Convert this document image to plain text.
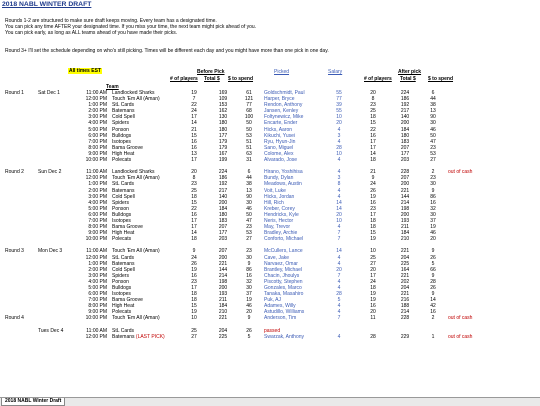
2018 NABL WINTER DRAFT
Rounds 1-2 are structured to make sure draft keeps moving. Every team has a designated time.
You can pick any time AFTER your designated time. If you miss your time, the next team might pick ahead of you.
You can pick early, as long as ALL teams ahead of you have made their picks.
Round 3+ I'll set the schedule depending on who's still picking. Times will be different each day and you might have more than one pick in one day.
All times EST	Before Pick	Picked	Salary	After pick
Team
# of players Total $ $ to spend	# of players Total $ $ to spend
Round 1	Sat Dec 1	11:00 AM	Landlocked Sharks	19	169	61	Goldschmidt, Paul	55	20	224	6	
		12:00 PM	Touch 'Em All (Aman)	7	109	121	Harper, Bryce	77	8	186	44	
		1:00 PM	StL Cards	22	153	77	Rendon, Anthony	39	23	192	38	
		2:00 PM	Batemans	24	162	68	Jansen, Kenley	55	25	217	13	
		3:00 PM	Cold Spell	17	130	100	Foltynewicz, Mike	10	18	140	90	
		4:00 PM	Spiders	14	180	50	Encarte, Ender	20	15	200	30	
		5:00 PM	Ponson	21	180	50	Hicks, Aaron	4	22	184	46	
		6:00 PM	Bulldogs	15	177	53	Kikuchi, Yusei	3	16	180	50	
		7:00 PM	Isotopes	16	179	51	Ryu, Hyun-Jin	4	17	183	47	
		8:00 PM	Bama Groove	16	179	51	Sano, Miguel	28	17	207	23	
		9:00 PM	High Heat	13	167	63	Colome, Alex	10	14	177	53	
		10:00 PM	Polecats	17	199	31	Alvarado, Jose	4	18	203	27	

Round 2	Sun Dec 2	11:00 AM	Landlocked Sharks	20	224	6	Hirano, Yoshihisa	4	21	228	2	out of cash
		12:00 PM	Touch 'Em All (Aman)	8	186	44	Bundy, Dylan	3	9	207	23	
		1:00 PM	StL Cards	23	192	38	Meadows, Austin	8	24	200	30	
		2:00 PM	Batemans	25	217	13	Voit, Luke	4	26	221	9	
		3:00 PM	Cold Spell	18	140	90	Hicks, Jordan	4	19	144	86	
		4:00 PM	Spiders	15	200	30	Hill, Rich	14	16	214	16	
		5:00 PM	Ponson	22	184	46	Kreber, Corey	14	23	198	32	
		6:00 PM	Bulldogs	16	180	50	Hendricks, Kyle	20	17	200	30	
		7:00 PM	Isotopes	17	183	47	Neris, Hector	10	18	193	37	
		8:00 PM	Bama Groove	17	207	23	May, Trevor	4	18	211	19	
		9:00 PM	High Heat	14	177	53	Bradley, Archie	7	15	184	46	
		10:00 PM	Polecats	18	203	27	Conforto, Michael	7	19	210	20	

Round 3	Mon Dec 3	11:00 AM	Touch 'Em All (Aman)	9	207	23	McCullers, Lance	14	10	221	9	
		12:00 PM	StL Cards	24	200	30	Cave, Jake	4	25	204	26	
		1:00 PM	Batemans	26	221	9	Narvaez, Omar	4	27	225	5	
		2:00 PM	Cold Spell	19	144	86	Brantley, Michael	20	20	164	66	
		3:00 PM	Spiders	16	214	16	Chacin, Jhoulys	7	17	221	9	
		4:00 PM	Ponson	23	198	32	Piscotty, Stephen	4	24	202	28	
		5:00 PM	Bulldogs	17	200	30	Gonzales, Marco	4	18	204	26	
		6:00 PM	Isotopes	18	193	37	Tanaka, Masahiro	28	19	221	9	
		7:00 PM	Bama Groove	18	211	19	Puk, AJ	5	19	216	14	
		8:00 PM	High Heat	15	184	46	Adames, Willy	4	16	188	42	
		9:00 PM	Polecats	19	210	20	Astudillo, Williams	4	20	214	16	
Round 4		10:00 PM	Touch 'Em All (Aman)	10	221	9	Anderson, Tim	7	11	228	2	out of cash

	Tues Dec 4	11:00 AM	StL Cards	25	204	26	passed					
		12:00 PM	Batemans (LAST PICK)	27	225	5	Swarzak, Anthony	4	28	229	1	out of cash
2018 NABL Winter Draft
